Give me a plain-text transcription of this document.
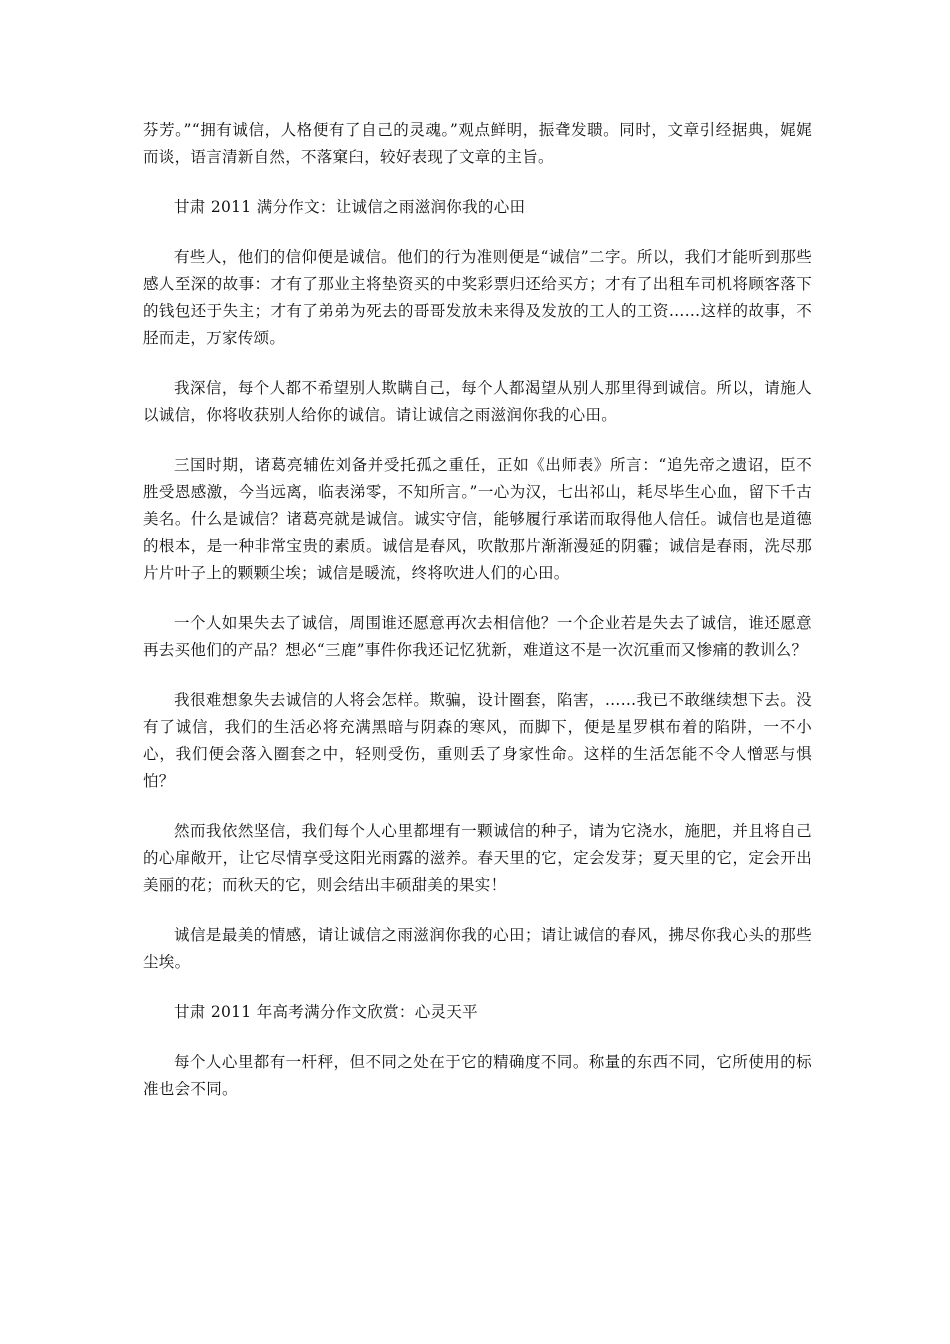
芬芳。”“拥有诚信，人格便有了自己的灵魂。”观点鲜明，振聋发聩。同时，文章引经据典，娓娓而谈，语言清新自然，不落窠臼，较好表现了文章的主旨。

甘肃 2011 满分作文：让诚信之雨滋润你我的心田

有些人，他们的信仰便是诚信。他们的行为准则便是“诚信”二字。所以，我们才能听到那些感人至深的故事：才有了那业主将垫资买的中奖彩票归还给买方；才有了出租车司机将顾客落下的钱包还于失主；才有了弟弟为死去的哥哥发放未来得及发放的工人的工资……这样的故事，不胫而走，万家传颂。

我深信，每个人都不希望别人欺瞒自己，每个人都渴望从别人那里得到诚信。所以，请施人以诚信，你将收获别人给你的诚信。请让诚信之雨滋润你我的心田。

三国时期，诸葛亮辅佐刘备并受托孤之重任，正如《出师表》所言：“追先帝之遗诏，臣不胜受恩感激，今当远离，临表涕零，不知所言。”一心为汉，七出祁山，耗尽毕生心血，留下千古美名。什么是诚信？诸葛亮就是诚信。诚实守信，能够履行承诺而取得他人信任。诚信也是道德的根本，是一种非常宝贵的素质。诚信是春风，吹散那片渐渐漫延的阴霾；诚信是春雨，洗尽那片片叶子上的颗颗尘埃；诚信是暖流，终将吹进人们的心田。

一个人如果失去了诚信，周围谁还愿意再次去相信他？一个企业若是失去了诚信，谁还愿意再去买他们的产品？想必“三鹿”事件你我还记忆犹新，难道这不是一次沉重而又惨痛的教训么？

我很难想象失去诚信的人将会怎样。欺骗，设计圈套，陷害，……我已不敢继续想下去。没有了诚信，我们的生活必将充满黑暗与阴森的寒风，而脚下，便是星罗棋布着的陷阱，一不小心，我们便会落入圈套之中，轻则受伤，重则丢了身家性命。这样的生活怎能不令人憎恶与惧怕？

然而我依然坚信，我们每个人心里都埋有一颗诚信的种子，请为它浇水，施肥，并且将自己的心扉敞开，让它尽情享受这阳光雨露的滋养。春天里的它，定会发芽；夏天里的它，定会开出美丽的花；而秋天的它，则会结出丰硕甜美的果实！

诚信是最美的情感，请让诚信之雨滋润你我的心田；请让诚信的春风，拂尽你我心头的那些尘埃。

甘肃 2011 年高考满分作文欣赏：心灵天平

每个人心里都有一杆秤，但不同之处在于它的精确度不同。称量的东西不同，它所使用的标准也会不同。
